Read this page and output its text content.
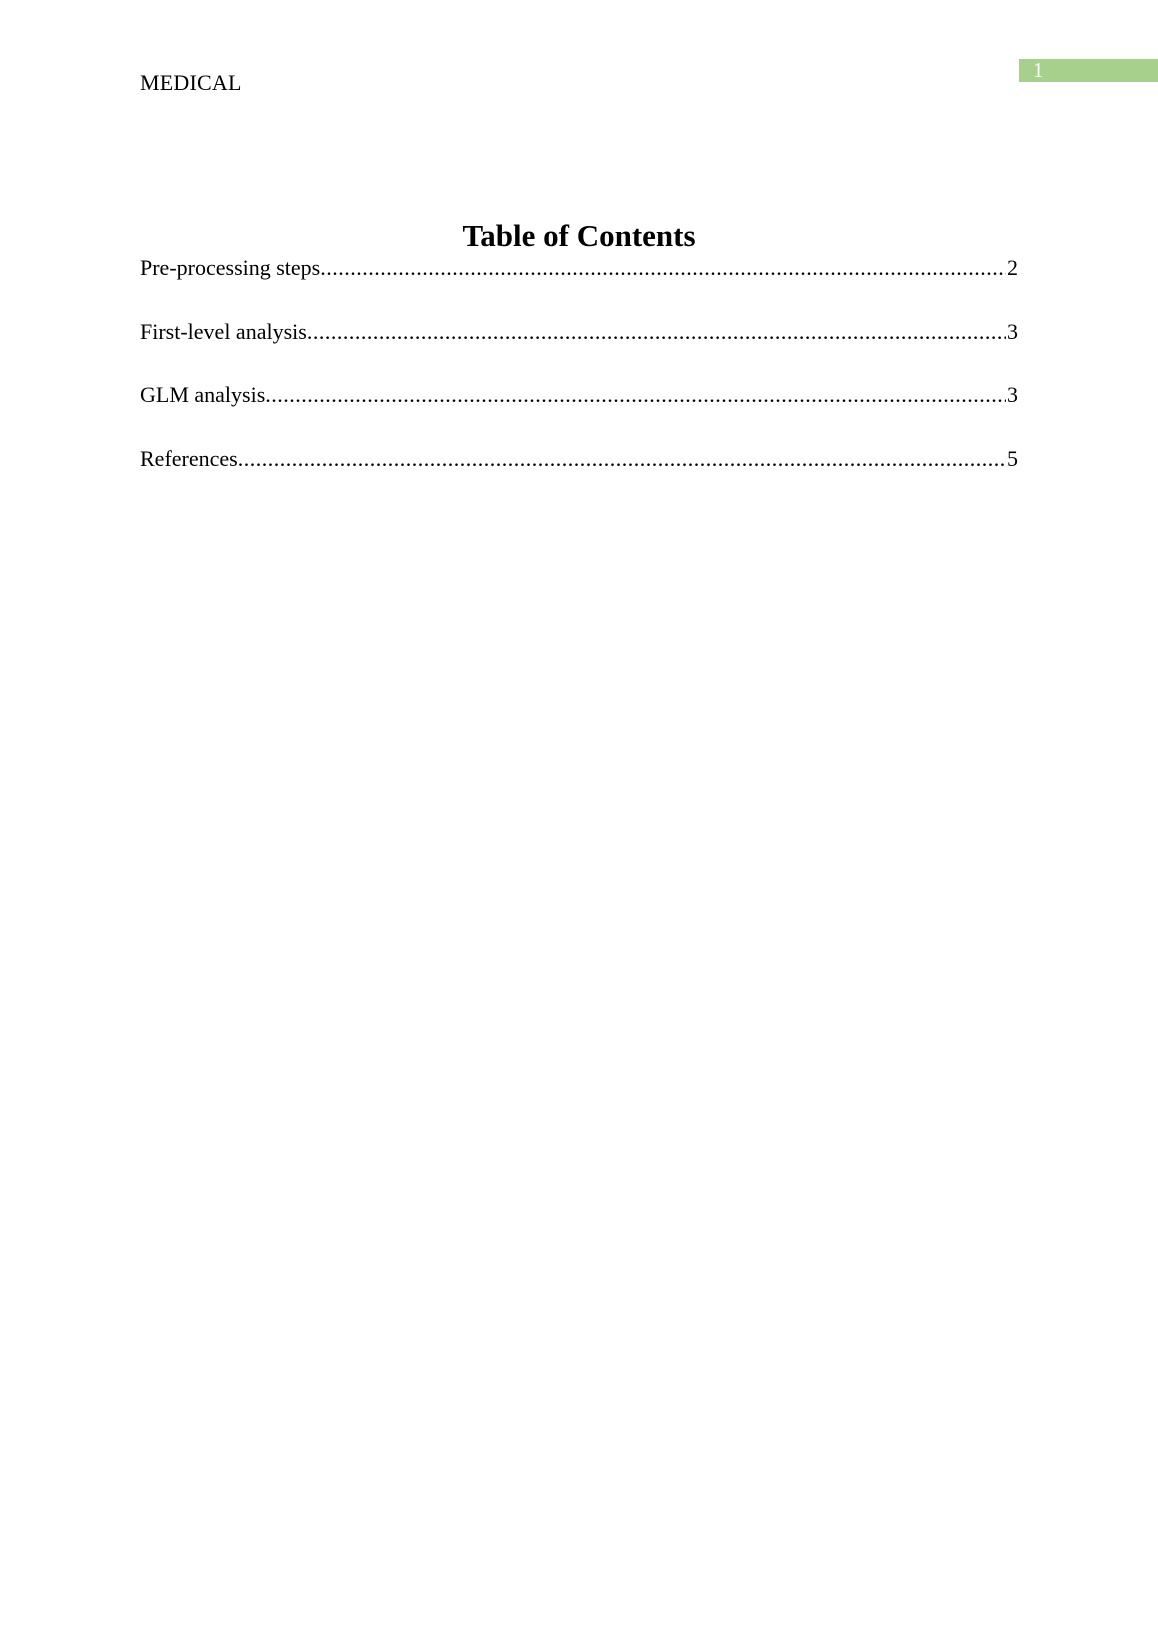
MEDICAL	1
Table of Contents
Pre-processing steps .....	2
First-level analysis .....	3
GLM analysis .....	3
References .....	5
